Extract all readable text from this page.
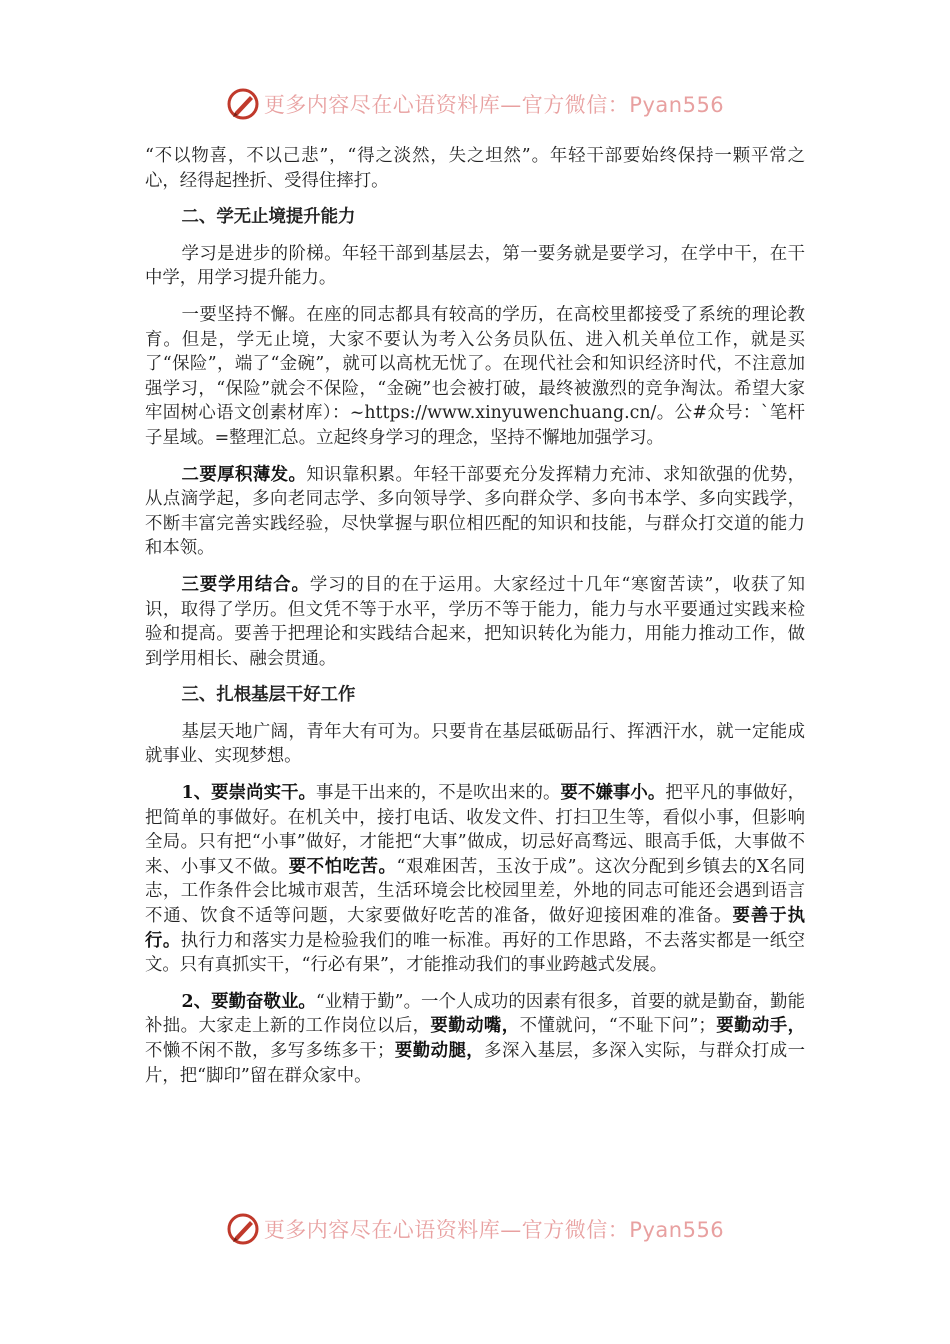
更多内容尽在心语资料库—官方微信：Pyan556

“不以物喜，不以己悲”，“得之淡然，失之坦然”。年轻干部要始终保持一颗平常之心，经得起挫折、受得住摔打。

二、学无止境提升能力

学习是进步的阶梯。年轻干部到基层去，第一要务就是要学习，在学中干，在干中学，用学习提升能力。

一要坚持不懈。在座的同志都具有较高的学历，在高校里都接受了系统的理论教育。但是，学无止境，大家不要认为考入公务员队伍、进入机关单位工作，就是买了“保险”，端了“金碗”，就可以高枕无忧了。在现代社会和知识经济时代，不注意加强学习，“保险”就会不保险，“金碗”也会被打破，最终被激烈的竞争淘汰。希望大家牢固树心语文创素材库）：~https://www.xinyuwenchuang.cn/。公#众号：`笔杆子星域。=整理汇总。立起终身学习的理念，坚持不懈地加强学习。

二要厚积薄发。知识靠积累。年轻干部要充分发挥精力充沛、求知欲强的优势，从点滴学起，多向老同志学、多向领导学、多向群众学、多向书本学、多向实践学，不断丰富完善实践经验，尽快掌握与职位相匹配的知识和技能，与群众打交道的能力和本领。

三要学用结合。学习的目的在于运用。大家经过十几年“寒窗苦读”，收获了知识，取得了学历。但文凭不等于水平，学历不等于能力，能力与水平要通过实践来检验和提高。要善于把理论和实践结合起来，把知识转化为能力，用能力推动工作，做到学用相长、融会贯通。

三、扎根基层干好工作

基层天地广阔，青年大有可为。只要肯在基层砥砺品行、挥洒汗水，就一定能成就事业、实现梦想。

1、要崇尚实干。事是干出来的，不是吹出来的。要不嫌事小。把平凡的事做好，把简单的事做好。在机关中，接打电话、收发文件、打扫卫生等，看似小事，但影响全局。只有把“小事”做好，才能把“大事”做成，切忌好高骛远、眼高手低，大事做不来、小事又不做。要不怕吃苦。“艰难困苦，玉汝于成”。这次分配到乡镇去的X名同志，工作条件会比城市艰苦，生活环境会比校园里差，外地的同志可能还会遇到语言不通、饮食不适等问题，大家要做好吃苦的准备，做好迎接困难的准备。要善于执行。执行力和落实力是检验我们的唯一标准。再好的工作思路，不去落实都是一纸空文。只有真抓实干，“行必有果”，才能推动我们的事业跨越式发展。

2、要勤奋敬业。“业精于勤”。一个人成功的因素有很多，首要的就是勤奋，勤能补拙。大家走上新的工作岗位以后，要勤动嘴，不懂就问，“不耻下问”；要勤动手，不懒不闲不散，多写多练多干；要勤动腿，多深入基层，多深入实际，与群众打成一片，把“脚印”留在群众家中。

更多内容尽在心语资料库—官方微信：Pyan556
